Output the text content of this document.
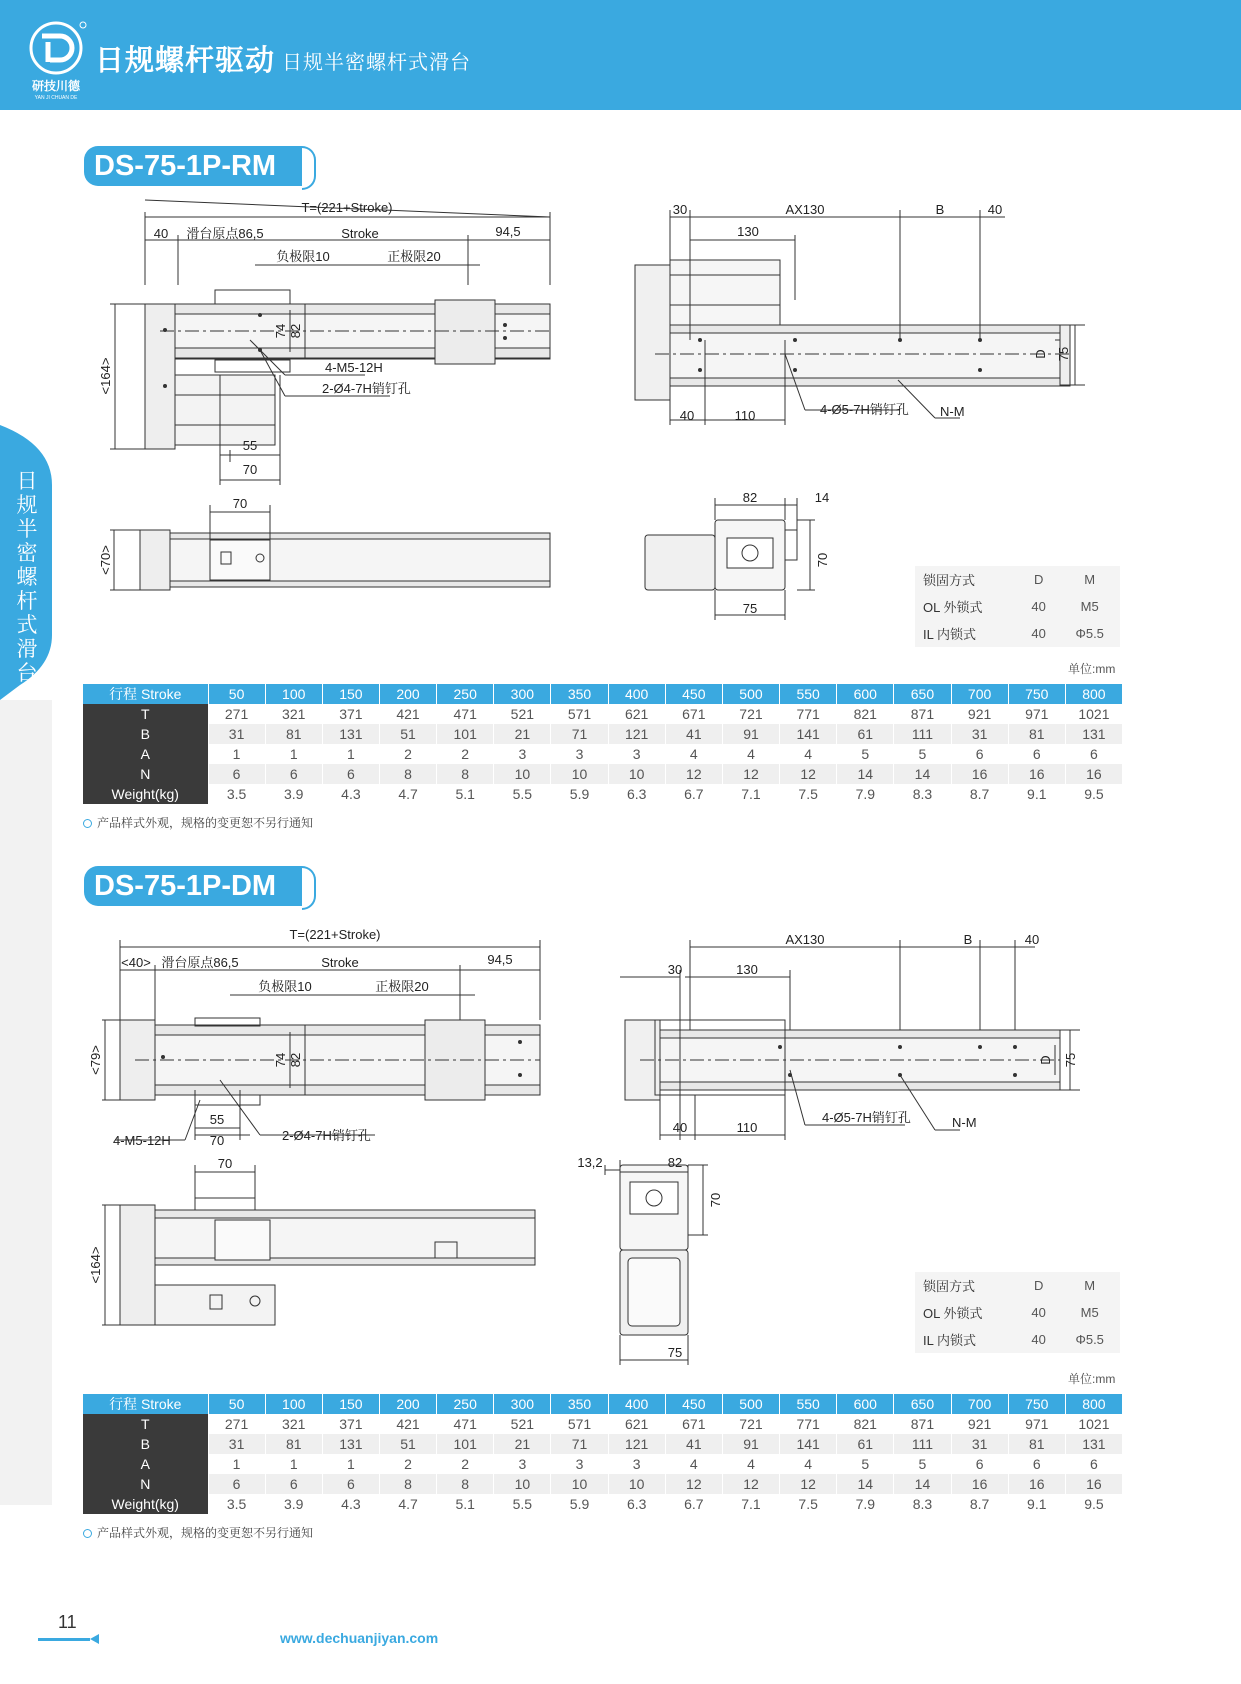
研技川德
YAN JI CHUAN DE
日规螺杆驱动 日规半密螺杆式滑台
日规半密螺杆式滑台
DS-75-1P-RM
T=(221+Stroke)
40 滑台原点86,5	Stroke	94,5
负极限10	正极限20
<164>
74 82
4-M5-12H
2-Ø4-7H销钉孔
55
70
30	AX130	B	40
130
40	110	4-Ø5-7H销钉孔 N-M
D 75
<70>
70	82	14
70
75
锁固方式	D	M
OL 外锁式	40	M5
IL 内锁式	40	Φ5.5
单位:mm
行程 Stroke	50	100	150	200	250	300	350	400	450	500	550	600	650	700	750	800
T	271	321	371	421	471	521	571	621	671	721	771	821	871	921	971	1021
B	31	81	131	51	101	21	71	121	41	91	141	61	111	31	81	131
A	1	1	1	2	2	3	3	3	4	4	4	5	5	6	6	6
N	6	6	6	8	8	10	10	10	12	12	12	14	14	16	16	16
Weight(kg)	3.5	3.9	4.3	4.7	5.1	5.5	5.9	6.3	6.7	7.1	7.5	7.9	8.3	8.7	9.1	9.5
产品样式外观，规格的变更恕不另行通知
DS-75-1P-DM
T=(221+Stroke)
<40> 滑台原点86,5	Stroke	94,5
负极限10	正极限20
<79>	74 82
55
70
4-M5-12H	2-Ø4-7H销钉孔
AX130	B	40
30	130
40	110
4-Ø5-7H销钉孔	N-M
75
D
<164>
70	13,2	82
70
75
锁固方式	D	M
OL 外锁式	40	M5
IL 内锁式	40	Φ5.5
单位:mm
行程 Stroke	50	100	150	200	250	300	350	400	450	500	550	600	650	700	750	800
T	271	321	371	421	471	521	571	621	671	721	771	821	871	921	971	1021
B	31	81	131	51	101	21	71	121	41	91	141	61	111	31	81	131
A	1	1	1	2	2	3	3	3	4	4	4	5	5	6	6	6
N	6	6	6	8	8	10	10	10	12	12	12	14	14	16	16	16
Weight(kg)	3.5	3.9	4.3	4.7	5.1	5.5	5.9	6.3	6.7	7.1	7.5	7.9	8.3	8.7	9.1	9.5
产品样式外观，规格的变更恕不另行通知
11
www.dechuanjiyan.com
